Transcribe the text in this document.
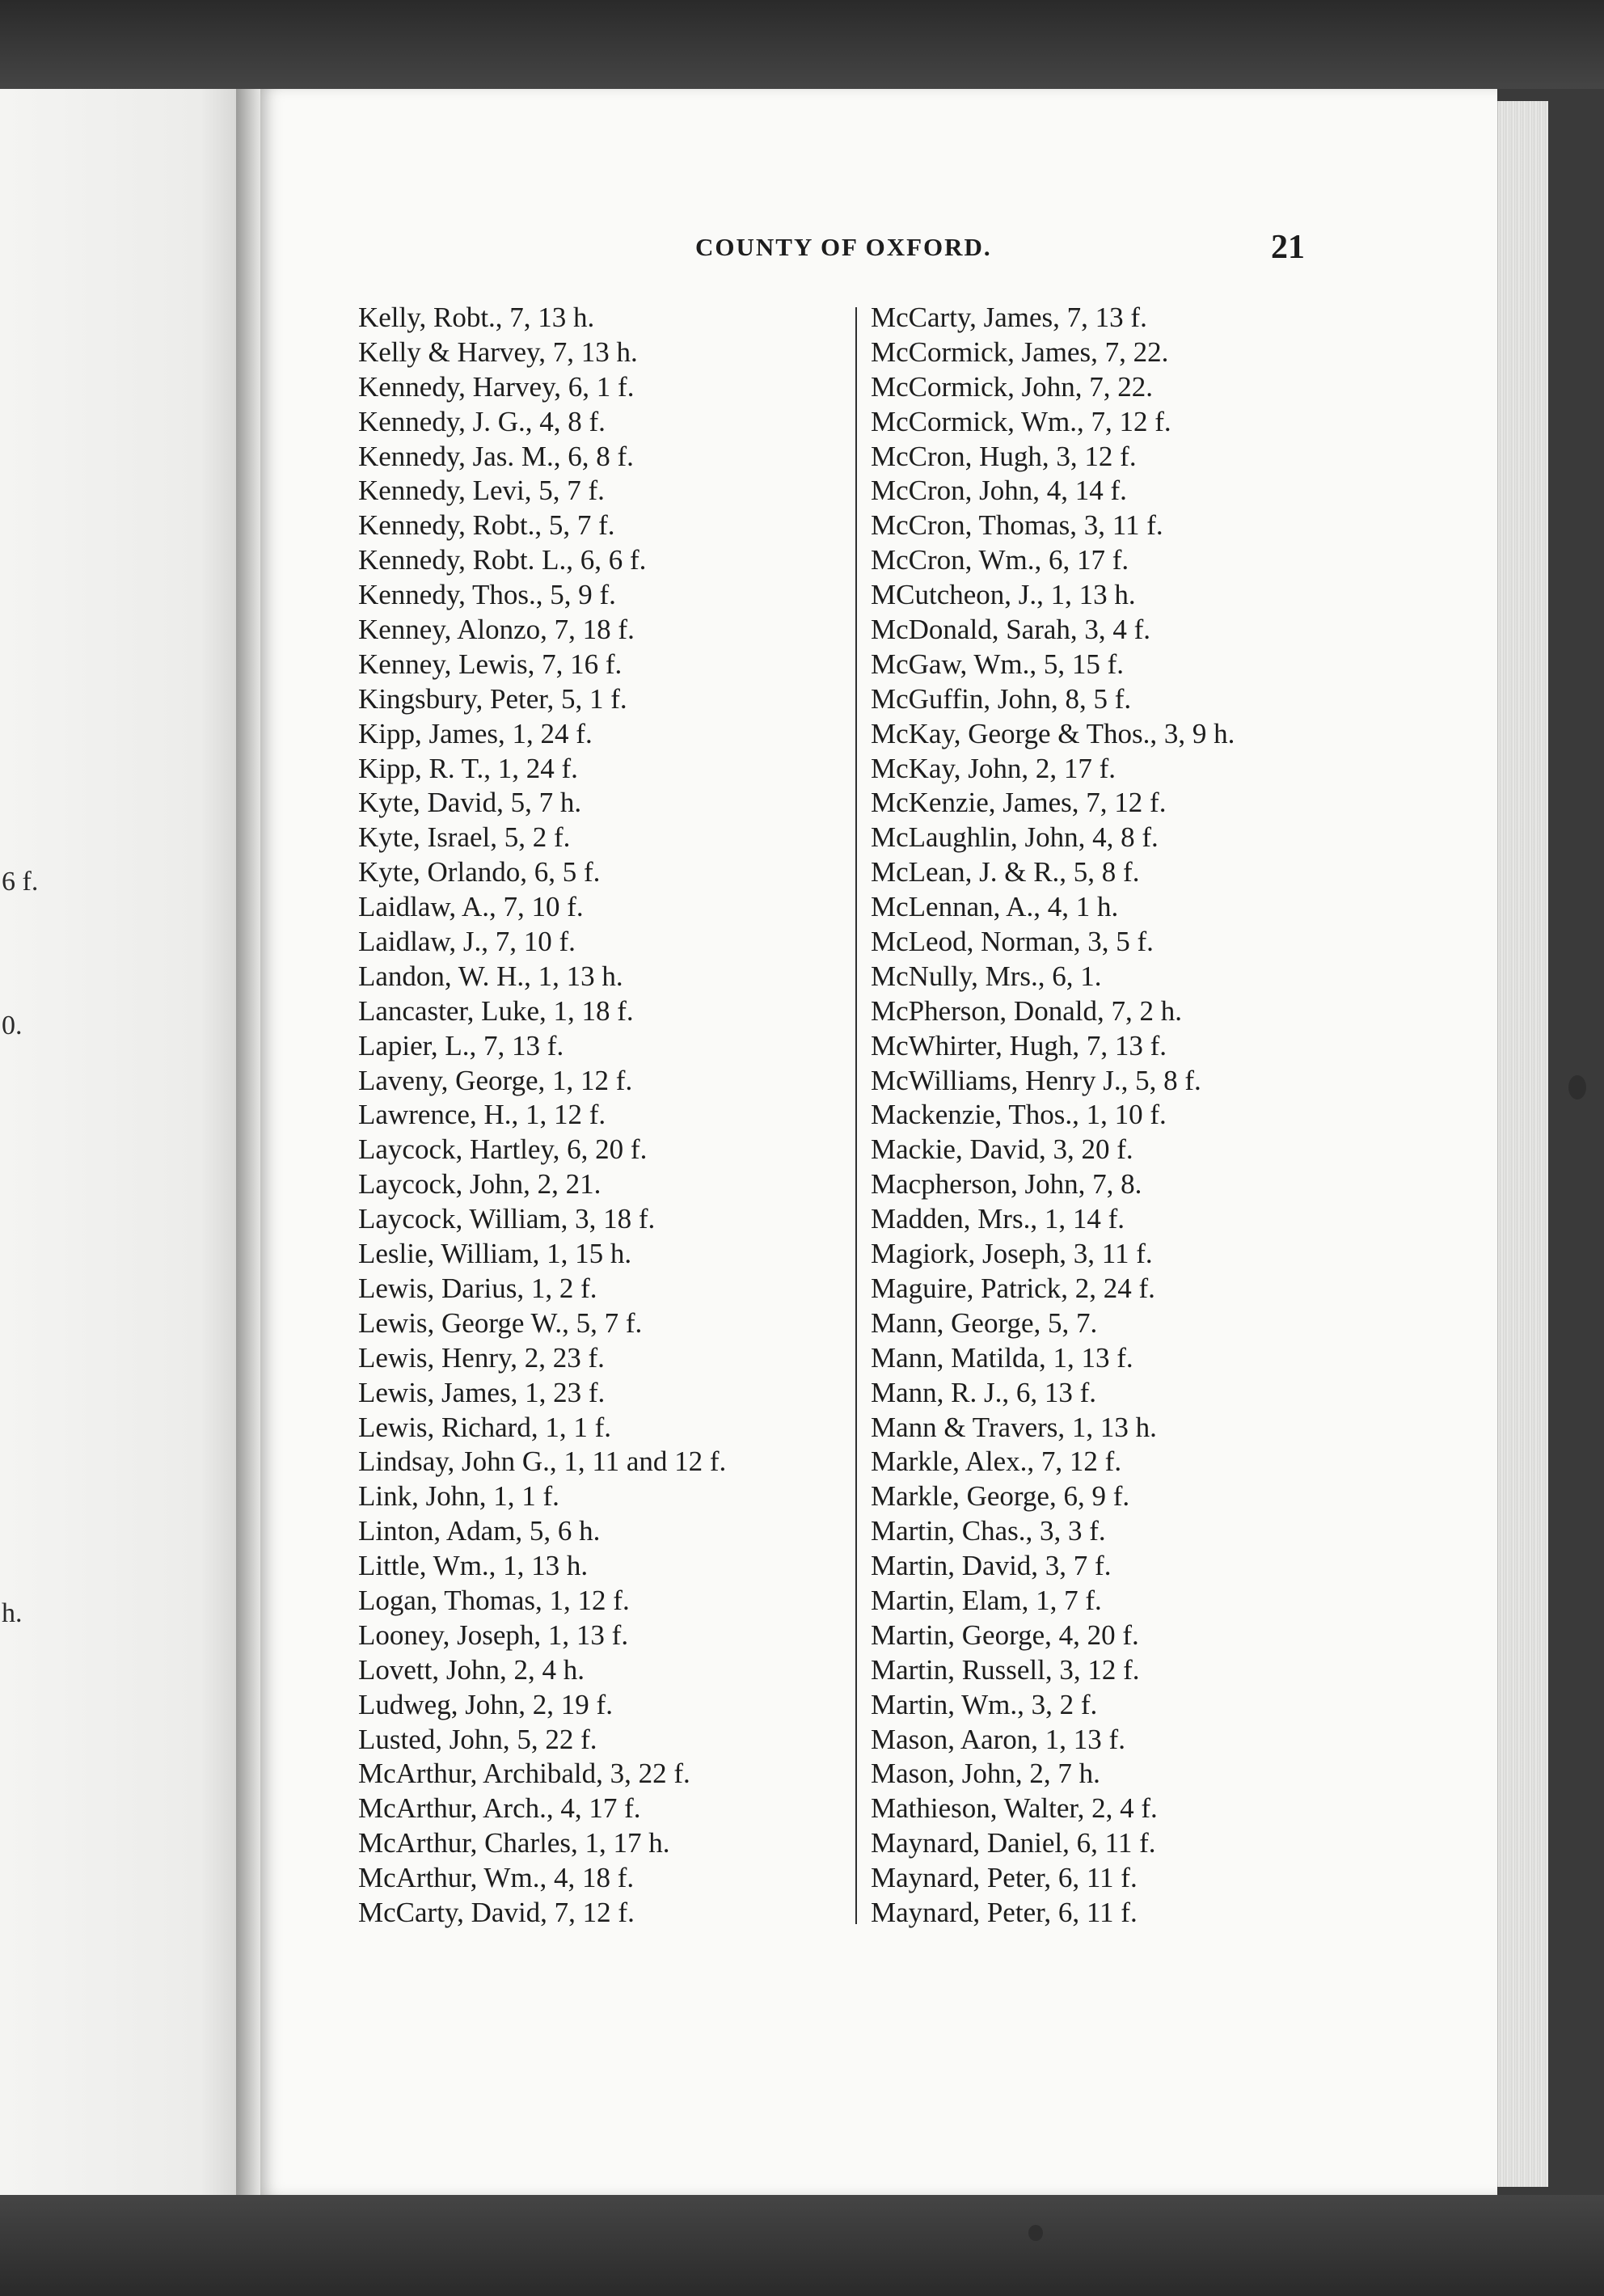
6 f.
0.
h.
COUNTY OF OXFORD.	21
Kelly, Robt., 7, 13 h.
Kelly & Harvey, 7, 13 h.
Kennedy, Harvey, 6, 1 f.
Kennedy, J. G., 4, 8 f.
Kennedy, Jas. M., 6, 8 f.
Kennedy, Levi, 5, 7 f.
Kennedy, Robt., 5, 7 f.
Kennedy, Robt. L., 6, 6 f.
Kennedy, Thos., 5, 9 f.
Kenney, Alonzo, 7, 18 f.
Kenney, Lewis, 7, 16 f.
Kingsbury, Peter, 5, 1 f.
Kipp, James, 1, 24 f.
Kipp, R. T., 1, 24 f.
Kyte, David, 5, 7 h.
Kyte, Israel, 5, 2 f.
Kyte, Orlando, 6, 5 f.
Laidlaw, A., 7, 10 f.
Laidlaw, J., 7, 10 f.
Landon, W. H., 1, 13 h.
Lancaster, Luke, 1, 18 f.
Lapier, L., 7, 13 f.
Laveny, George, 1, 12 f.
Lawrence, H., 1, 12 f.
Laycock, Hartley, 6, 20 f.
Laycock, John, 2, 21.
Laycock, William, 3, 18 f.
Leslie, William, 1, 15 h.
Lewis, Darius, 1, 2 f.
Lewis, George W., 5, 7 f.
Lewis, Henry, 2, 23 f.
Lewis, James, 1, 23 f.
Lewis, Richard, 1, 1 f.
Lindsay, John G., 1, 11 and 12 f.
Link, John, 1, 1 f.
Linton, Adam, 5, 6 h.
Little, Wm., 1, 13 h.
Logan, Thomas, 1, 12 f.
Looney, Joseph, 1, 13 f.
Lovett, John, 2, 4 h.
Ludweg, John, 2, 19 f.
Lusted, John, 5, 22 f.
McArthur, Archibald, 3, 22 f.
McArthur, Arch., 4, 17 f.
McArthur, Charles, 1, 17 h.
McArthur, Wm., 4, 18 f.
McCarty, David, 7, 12 f.
McCarty, James, 7, 13 f.
McCormick, James, 7, 22.
McCormick, John, 7, 22.
McCormick, Wm., 7, 12 f.
McCron, Hugh, 3, 12 f.
McCron, John, 4, 14 f.
McCron, Thomas, 3, 11 f.
McCron, Wm., 6, 17 f.
MCutcheon, J., 1, 13 h.
McDonald, Sarah, 3, 4 f.
McGaw, Wm., 5, 15 f.
McGuffin, John, 8, 5 f.
McKay, George & Thos., 3, 9 h.
McKay, John, 2, 17 f.
McKenzie, James, 7, 12 f.
McLaughlin, John, 4, 8 f.
McLean, J. & R., 5, 8 f.
McLennan, A., 4, 1 h.
McLeod, Norman, 3, 5 f.
McNully, Mrs., 6, 1.
McPherson, Donald, 7, 2 h.
McWhirter, Hugh, 7, 13 f.
McWilliams, Henry J., 5, 8 f.
Mackenzie, Thos., 1, 10 f.
Mackie, David, 3, 20 f.
Macpherson, John, 7, 8.
Madden, Mrs., 1, 14 f.
Magiork, Joseph, 3, 11 f.
Maguire, Patrick, 2, 24 f.
Mann, George, 5, 7.
Mann, Matilda, 1, 13 f.
Mann, R. J., 6, 13 f.
Mann & Travers, 1, 13 h.
Markle, Alex., 7, 12 f.
Markle, George, 6, 9 f.
Martin, Chas., 3, 3 f.
Martin, David, 3, 7 f.
Martin, Elam, 1, 7 f.
Martin, George, 4, 20 f.
Martin, Russell, 3, 12 f.
Martin, Wm., 3, 2 f.
Mason, Aaron, 1, 13 f.
Mason, John, 2, 7 h.
Mathieson, Walter, 2, 4 f.
Maynard, Daniel, 6, 11 f.
Maynard, Peter, 6, 11 f.
Maynard, Peter, 6, 11 f.
